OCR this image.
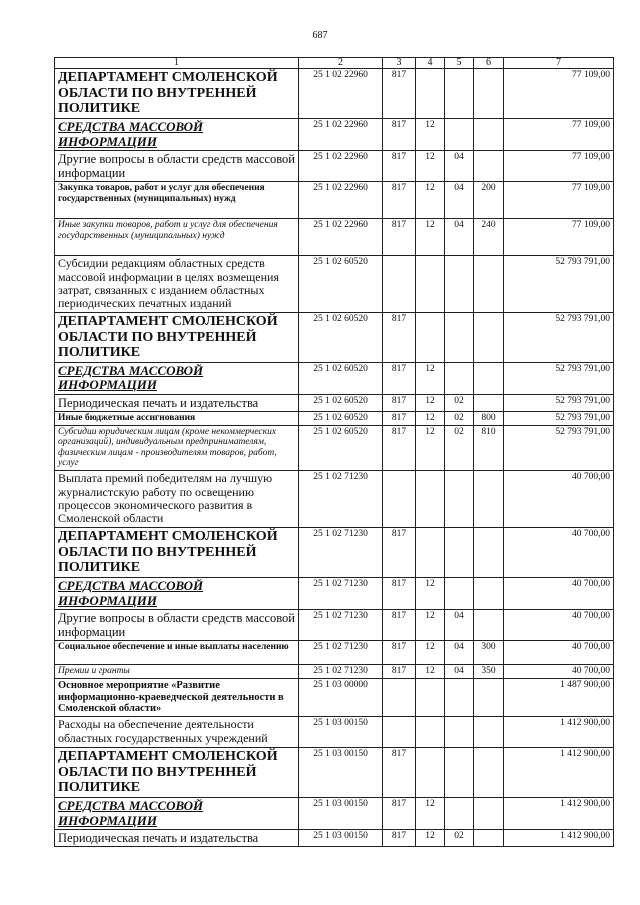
687
1	2	3	4	5	6	7
ДЕПАРТАМЕНТ СМОЛЕНСКОЙ ОБЛАСТИ ПО ВНУТРЕННЕЙ ПОЛИТИКЕ	25 1 02 22960	817				77 109,00
СРЕДСТВА МАССОВОЙ ИНФОРМАЦИИ	25 1 02 22960	817	12			77 109,00
Другие вопросы в области средств массовой информации	25 1 02 22960	817	12	04		77 109,00
Закупка товаров, работ и услуг для обеспечения государственных (муниципальных) нужд	25 1 02 22960	817	12	04	200	77 109,00
Иные закупки товаров, работ и услуг для обеспечения государственных (муниципальных) нужд	25 1 02 22960	817	12	04	240	77 109,00
Субсидии редакциям областных средств массовой информации в целях возмещения затрат, связанных с изданием областных периодических печатных изданий	25 1 02 60520					52 793 791,00
ДЕПАРТАМЕНТ СМОЛЕНСКОЙ ОБЛАСТИ ПО ВНУТРЕННЕЙ ПОЛИТИКЕ	25 1 02 60520	817				52 793 791,00
СРЕДСТВА МАССОВОЙ ИНФОРМАЦИИ	25 1 02 60520	817	12			52 793 791,00
Периодическая печать и издательства	25 1 02 60520	817	12	02		52 793 791,00
Иные бюджетные ассигнования	25 1 02 60520	817	12	02	800	52 793 791,00
Субсидии юридическим лицам (кроме некоммерческих организаций), индивидуальным предпринимателям, физическим лицам - производителям товаров, работ, услуг	25 1 02 60520	817	12	02	810	52 793 791,00
Выплата премий победителям на лучшую журналистскую работу по освещению процессов экономического развития в Смоленской области	25 1 02 71230					40 700,00
ДЕПАРТАМЕНТ СМОЛЕНСКОЙ ОБЛАСТИ ПО ВНУТРЕННЕЙ ПОЛИТИКЕ	25 1 02 71230	817				40 700,00
СРЕДСТВА МАССОВОЙ ИНФОРМАЦИИ	25 1 02 71230	817	12			40 700,00
Другие вопросы в области средств массовой информации	25 1 02 71230	817	12	04		40 700,00
Социальное обеспечение и иные выплаты населению	25 1 02 71230	817	12	04	300	40 700,00
Премии и гранты	25 1 02 71230	817	12	04	350	40 700,00
Основное мероприятие «Развитие информационно-краеведческой деятельности в Смоленской области»	25 1 03 00000					1 487 900,00
Расходы на обеспечение деятельности областных государственных учреждений	25 1 03 00150					1 412 900,00
ДЕПАРТАМЕНТ СМОЛЕНСКОЙ ОБЛАСТИ ПО ВНУТРЕННЕЙ ПОЛИТИКЕ	25 1 03 00150	817				1 412 900,00
СРЕДСТВА МАССОВОЙ ИНФОРМАЦИИ	25 1 03 00150	817	12			1 412 900,00
Периодическая печать и издательства	25 1 03 00150	817	12	02		1 412 900,00
